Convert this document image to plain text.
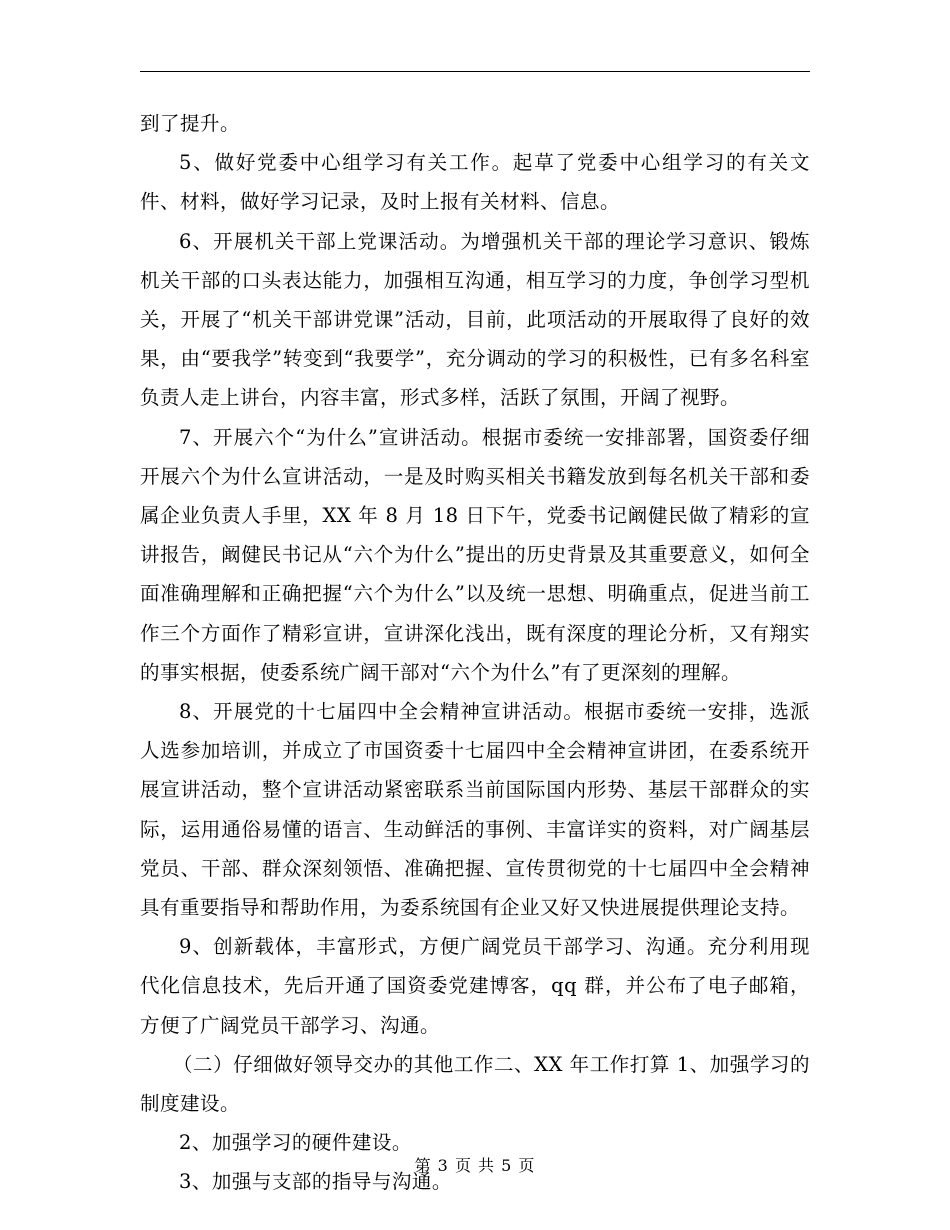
到了提升。

5、做好党委中心组学习有关工作。起草了党委中心组学习的有关文件、材料，做好学习记录，及时上报有关材料、信息。

6、开展机关干部上党课活动。为增强机关干部的理论学习意识、锻炼机关干部的口头表达能力，加强相互沟通，相互学习的力度，争创学习型机关，开展了“机关干部讲党课”活动，目前，此项活动的开展取得了良好的效果，由“要我学”转变到“我要学”，充分调动的学习的积极性，已有多名科室负责人走上讲台，内容丰富，形式多样，活跃了氛围，开阔了视野。

7、开展六个“为什么”宣讲活动。根据市委统一安排部署，国资委仔细开展六个为什么宣讲活动，一是及时购买相关书籍发放到每名机关干部和委属企业负责人手里，XX 年 8 月 18 日下午，党委书记阚健民做了精彩的宣讲报告，阚健民书记从“六个为什么”提出的历史背景及其重要意义，如何全面准确理解和正确把握“六个为什么”以及统一思想、明确重点，促进当前工作三个方面作了精彩宣讲，宣讲深化浅出，既有深度的理论分析，又有翔实的事实根据，使委系统广阔干部对“六个为什么”有了更深刻的理解。

8、开展党的十七届四中全会精神宣讲活动。根据市委统一安排，选派人选参加培训，并成立了市国资委十七届四中全会精神宣讲团，在委系统开展宣讲活动，整个宣讲活动紧密联系当前国际国内形势、基层干部群众的实际，运用通俗易懂的语言、生动鲜活的事例、丰富详实的资料，对广阔基层党员、干部、群众深刻领悟、准确把握、宣传贯彻党的十七届四中全会精神具有重要指导和帮助作用，为委系统国有企业又好又快进展提供理论支持。

9、创新载体，丰富形式，方便广阔党员干部学习、沟通。充分利用现代化信息技术，先后开通了国资委党建博客，qq 群，并公布了电子邮箱，方便了广阔党员干部学习、沟通。

（二）仔细做好领导交办的其他工作二、XX 年工作打算 1、加强学习的制度建设。

2、加强学习的硬件建设。

3、加强与支部的指导与沟通。

第 3 页 共 5 页
